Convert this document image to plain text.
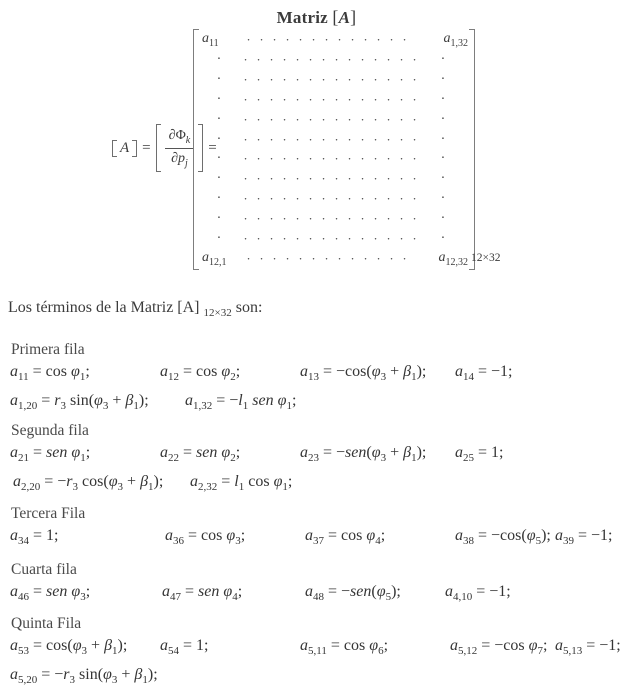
Matriz [A]
$A = \frac{\partial\Phi_k}{\partial p_j}$ =
$a_{11}$	· · · · · · · · · · · · ·	$a_{1,32}$
·	· · · · · · · · · · · · · ·	·
·	· · · · · · · · · · · · · ·	·
·	· · · · · · · · · · · · · ·	·
·	· · · · · · · · · · · · · ·	·
·	· · · · · · · · · · · · · ·	·
·	· · · · · · · · · · · · · ·	·
·	· · · · · · · · · · · · · ·	·
·	· · · · · · · · · · · · · ·	·
·	· · · · · · · · · · · · · ·	·
·	· · · · · · · · · · · · · ·	·
$a_{12,1}$	· · · · · · · · · · · · ·	$a_{12,32}$ 12×32
Los términos de la Matriz [A] $_{12\times 32}$ son:
Primera fila
$a_{11} = \cos \varphi_1$;	$a_{12} = \cos \varphi_2$;	$a_{13} = -\cos(\varphi_3 + \beta_1)$; $a_{14} = -1$;
$a_{1,20} = r_3$ $\sin(\varphi_3 + \beta_1)$; $a_{1,32} = -l_1$ sen $\varphi_1$;
Segunda fila
$a_{21}$ = sen $\varphi_1$;	$a_{22}$ = sen $\varphi_2$;	$a_{23} = -sen(\varphi_3 + \beta_1)$; $a_{25} = 1$;
$a_{2,20} = -r_3$ $\cos(\varphi_3 + \beta_1)$; $a_{2,32} = l_1$ $\cos \varphi_1$;
Tercera Fila
$a_{34} = 1$;	$a_{36} = \cos \varphi_3$;	$a_{37} = \cos \varphi_4$;	$a_{38} = -\cos(\varphi_5)$; $a_{39} = -1$;
Cuarta fila
$a_{46}$ = sen $\varphi_3$;	$a_{47}$ = sen $\varphi_4$;	$a_{48} = -sen(\varphi_5)$;	$a_{4,10} = -1$;
Quinta Fila
$a_{53} = \cos(\varphi_3 + \beta_1)$; $a_{54} = 1$;	$a_{5,11} = \cos \varphi_6$;	$a_{5,12} = -\cos$ $\varphi_7$; $a_{5,13} = -1$;
$a_{5,20} = -r_3$ $\sin(\varphi_3 + \beta_1)$;
